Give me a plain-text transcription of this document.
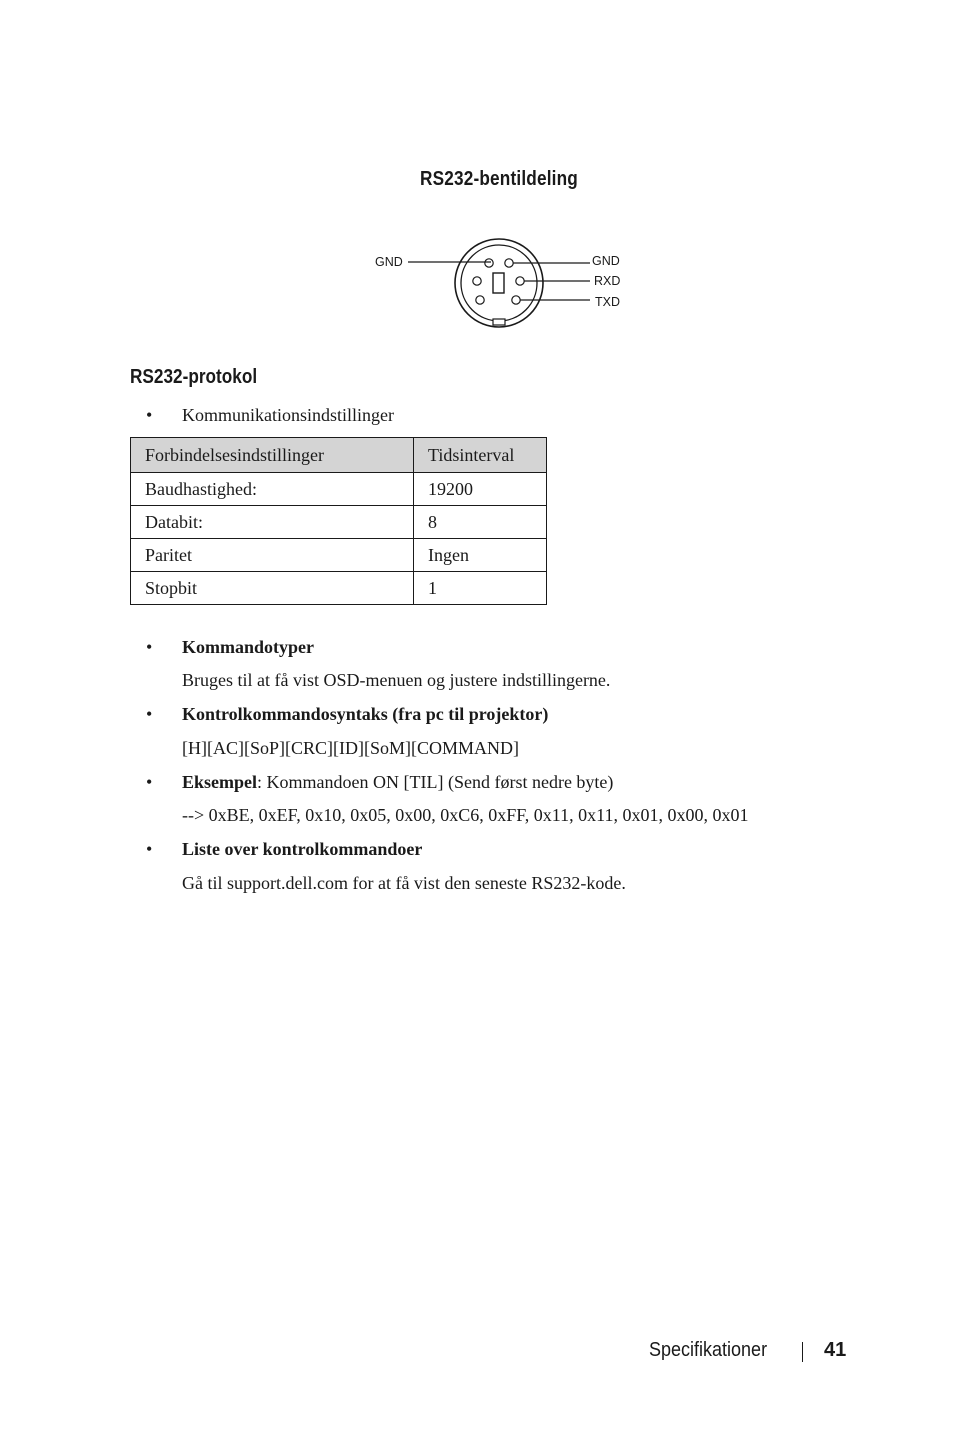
RS232-bentildeling
GND	GND
RXD
TXD
RS232-protokol
• Kommunikationsindstillinger
Forbindelsesindstillinger	Tidsinterval
Baudhastighed:	19200
Databit:	8
Paritet	Ingen
Stopbit	1
• Kommandotyper
Bruges til at få vist OSD-menuen og justere indstillingerne.
• Kontrolkommandosyntaks (fra pc til projektor)
[H][AC][SoP][CRC][ID][SoM][COMMAND]
• Eksempel: Kommandoen ON [TIL] (Send først nedre byte)
--> 0xBE, 0xEF, 0x10, 0x05, 0x00, 0xC6, 0xFF, 0x11, 0x11, 0x01, 0x00, 0x01
• Liste over kontrolkommandoer
Gå til support.dell.com for at få vist den seneste RS232-kode.
Specifikationer	41
